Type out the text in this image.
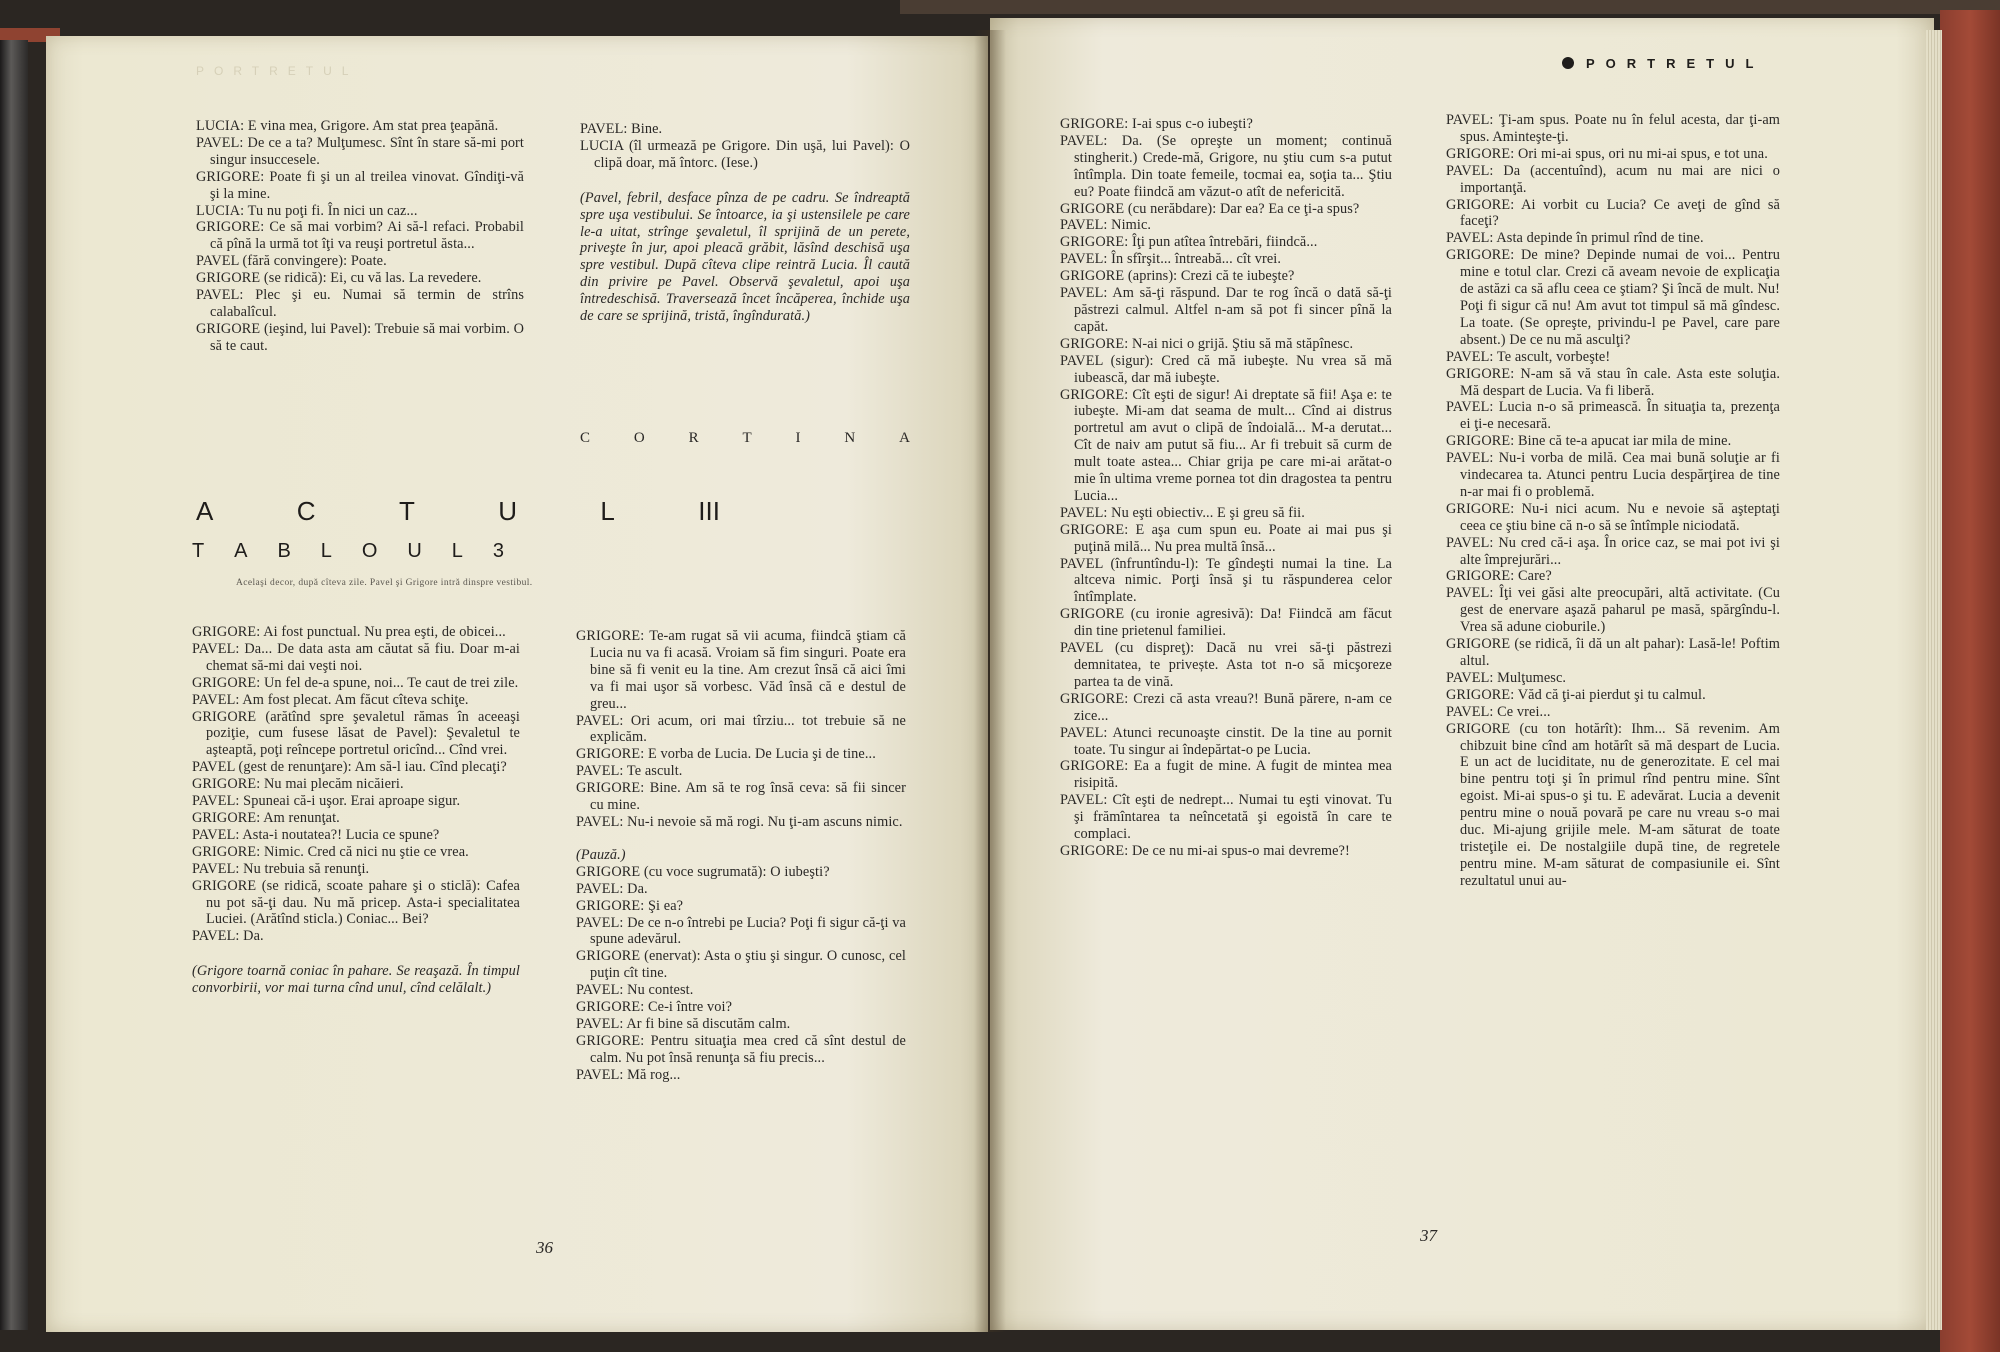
PORTRETUL	PORTRETUL

LUCIA: E vina mea, Grigore. Am stat prea ţeapănă.

PAVEL: De ce a ta? Mulţumesc. Sînt în stare să-mi port singur insuccesele.

GRIGORE: Poate fi şi un al treilea vinovat. Gîndiţi-vă şi la mine.

LUCIA: Tu nu poţi fi. În nici un caz...

GRIGORE: Ce să mai vorbim? Ai să-l refaci. Probabil că pînă la urmă tot îţi va reuşi portretul ăsta...

PAVEL (fără convingere): Poate.

GRIGORE (se ridică): Ei, cu vă las. La revedere.

PAVEL: Plec şi eu. Numai să termin de strîns calabalîcul.

GRIGORE (ieşind, lui Pavel): Trebuie să mai vorbim. O să te caut.

PAVEL: Bine.

LUCIA (îl urmează pe Grigore. Din uşă, lui Pavel): O clipă doar, mă întorc. (Iese.)

(Pavel, febril, desface pînza de pe cadru. Se îndreaptă spre uşa vestibului. Se întoarce, ia şi ustensilele pe care le-a uitat, strînge şevaletul, îl sprijină de un perete, priveşte în jur, apoi pleacă grăbit, lăsînd deschisă uşa spre vestibul. După cîteva clipe reintră Lucia. Îl caută din privire pe Pavel. Observă şevaletul, apoi uşa întredeschisă. Traversează încet încăperea, închide uşa de care se sprijină, tristă, îngîndurată.)

C	O	R	T	I	N	A
A	C	T	U	L	III
T A B L O U L 3
Acelaşi decor, după cîteva zile. Pavel şi Grigore intră dinspre vestibul.

GRIGORE: Ai fost punctual. Nu prea eşti, de obicei...

PAVEL: Da... De data asta am căutat să fiu. Doar m-ai chemat să-mi dai veşti noi.

GRIGORE: Un fel de-a spune, noi... Te caut de trei zile.

PAVEL: Am fost plecat. Am făcut cîteva schiţe.

GRIGORE (arătînd spre şevaletul rămas în aceeaşi poziţie, cum fusese lăsat de Pavel): Şevaletul te aşteaptă, poţi reîncepe portretul oricînd... Cînd vrei.

PAVEL (gest de renunţare): Am să-l iau. Cînd plecaţi?

GRIGORE: Nu mai plecăm nicăieri.

PAVEL: Spuneai că-i uşor. Erai aproape sigur.

GRIGORE: Am renunţat.

PAVEL: Asta-i noutatea?! Lucia ce spune?

GRIGORE: Nimic. Cred că nici nu ştie ce vrea.

PAVEL: Nu trebuia să renunţi.

GRIGORE (se ridică, scoate pahare şi o sticlă): Cafea nu pot să-ţi dau. Nu mă pricep. Asta-i specialitatea Luciei. (Arătînd sticla.) Coniac... Bei?

PAVEL: Da.

(Grigore toarnă coniac în pahare. Se reaşază. În timpul convorbirii, vor mai turna cînd unul, cînd celălalt.)

GRIGORE: Te-am rugat să vii acuma, fiindcă ştiam că Lucia nu va fi acasă. Vroiam să fim singuri. Poate era bine să fi venit eu la tine. Am crezut însă că aici îmi va fi mai uşor să vorbesc. Văd însă că e destul de greu...

PAVEL: Ori acum, ori mai tîrziu... tot trebuie să ne explicăm.

GRIGORE: E vorba de Lucia. De Lucia şi de tine...

PAVEL: Te ascult.

GRIGORE: Bine. Am să te rog însă ceva: să fii sincer cu mine.

PAVEL: Nu-i nevoie să mă rogi. Nu ţi-am ascuns nimic.

(Pauză.)

GRIGORE (cu voce sugrumată): O iubeşti?

PAVEL: Da.

GRIGORE: Şi ea?

PAVEL: De ce n-o întrebi pe Lucia? Poţi fi sigur că-ţi va spune adevărul.

GRIGORE (enervat): Asta o ştiu şi singur. O cunosc, cel puţin cît tine.

PAVEL: Nu contest.

GRIGORE: Ce-i între voi?

PAVEL: Ar fi bine să discutăm calm.

GRIGORE: Pentru situaţia mea cred că sînt destul de calm. Nu pot însă renunţa să fiu precis...

PAVEL: Mă rog...

36

GRIGORE: I-ai spus c-o iubeşti?

PAVEL: Da. (Se opreşte un moment; continuă stingherit.) Crede-mă, Grigore, nu ştiu cum s-a putut întîmpla. Din toate femeile, tocmai ea, soţia ta... Ştiu eu? Poate fiindcă am văzut-o atît de nefericită.

GRIGORE (cu nerăbdare): Dar ea? Ea ce ţi-a spus?

PAVEL: Nimic.

GRIGORE: Îţi pun atîtea întrebări, fiindcă...

PAVEL: În sfîrşit... întreabă... cît vrei.

GRIGORE (aprins): Crezi că te iubeşte?

PAVEL: Am să-ţi răspund. Dar te rog încă o dată să-ţi păstrezi calmul. Altfel n-am să pot fi sincer pînă la capăt.

GRIGORE: N-ai nici o grijă. Ştiu să mă stăpînesc.

PAVEL (sigur): Cred că mă iubeşte. Nu vrea să mă iubească, dar mă iubeşte.

GRIGORE: Cît eşti de sigur! Ai dreptate să fii! Aşa e: te iubeşte. Mi-am dat seama de mult... Cînd ai distrus portretul am avut o clipă de îndoială... M-a derutat... Cît de naiv am putut să fiu... Ar fi trebuit să curm de mult toate astea... Chiar grija pe care mi-ai arătat-o mie în ultima vreme pornea tot din dragostea ta pentru Lucia...

PAVEL: Nu eşti obiectiv... E şi greu să fii.

GRIGORE: E aşa cum spun eu. Poate ai mai pus şi puţină milă... Nu prea multă însă...

PAVEL (înfruntîndu-l): Te gîndeşti numai la tine. La altceva nimic. Porţi însă şi tu răspunderea celor întîmplate.

GRIGORE (cu ironie agresivă): Da! Fiindcă am făcut din tine prietenul familiei.

PAVEL (cu dispreţ): Dacă nu vrei să-ţi păstrezi demnitatea, te privește. Asta tot n-o să micşoreze partea ta de vină.

GRIGORE: Crezi că asta vreau?! Bună părere, n-am ce zice...

PAVEL: Atunci recunoaşte cinstit. De la tine au pornit toate. Tu singur ai îndepărtat-o pe Lucia.

GRIGORE: Ea a fugit de mine. A fugit de mintea mea risipită.

PAVEL: Cît eşti de nedrept... Numai tu eşti vinovat. Tu şi frămîntarea ta neîncetată şi egoistă în care te complaci.

GRIGORE: De ce nu mi-ai spus-o mai devreme?!

PAVEL: Ţi-am spus. Poate nu în felul acesta, dar ţi-am spus. Aminteşte-ţi.

GRIGORE: Ori mi-ai spus, ori nu mi-ai spus, e tot una.

PAVEL: Da (accentuînd), acum nu mai are nici o importanţă.

GRIGORE: Ai vorbit cu Lucia? Ce aveţi de gînd să faceţi?

PAVEL: Asta depinde în primul rînd de tine.

GRIGORE: De mine? Depinde numai de voi... Pentru mine e totul clar. Crezi că aveam nevoie de explicaţia de astăzi ca să aflu ceea ce ştiam? Şi încă de mult. Nu! Poţi fi sigur că nu! Am avut tot timpul să mă gîndesc. La toate. (Se opreşte, privindu-l pe Pavel, care pare absent.) De ce nu mă asculţi?

PAVEL: Te ascult, vorbeşte!

GRIGORE: N-am să vă stau în cale. Asta este soluţia. Mă despart de Lucia. Va fi liberă.

PAVEL: Lucia n-o să primească. În situaţia ta, prezenţa ei ţi-e necesară.

GRIGORE: Bine că te-a apucat iar mila de mine.

PAVEL: Nu-i vorba de milă. Cea mai bună soluţie ar fi vindecarea ta. Atunci pentru Lucia despărţirea de tine n-ar mai fi o problemă.

GRIGORE: Nu-i nici acum. Nu e nevoie să aşteptaţi ceea ce ştiu bine că n-o să se întîmple niciodată.

PAVEL: Nu cred că-i aşa. În orice caz, se mai pot ivi şi alte împrejurări...

GRIGORE: Care?

PAVEL: Îţi vei găsi alte preocupări, altă activitate. (Cu gest de enervare aşază paharul pe masă, spărgîndu-l. Vrea să adune cioburile.)

GRIGORE (se ridică, îi dă un alt pahar): Lasă-le! Poftim altul.

PAVEL: Mulţumesc.

GRIGORE: Văd că ţi-ai pierdut şi tu calmul.

PAVEL: Ce vrei...

GRIGORE (cu ton hotărît): Ihm... Să revenim. Am chibzuit bine cînd am hotărît să mă despart de Lucia. E un act de luciditate, nu de generozitate. E cel mai bine pentru toţi şi în primul rînd pentru mine. Sînt egoist. Mi-ai spus-o şi tu. E adevărat. Lucia a devenit pentru mine o nouă povară pe care nu vreau s-o mai duc. Mi-ajung grijile mele. M-am săturat de toate tristeţile ei. De nostalgiile după tine, de regretele pentru mine. M-am săturat de compasiunile ei. Sînt rezultatul unui au-

37
